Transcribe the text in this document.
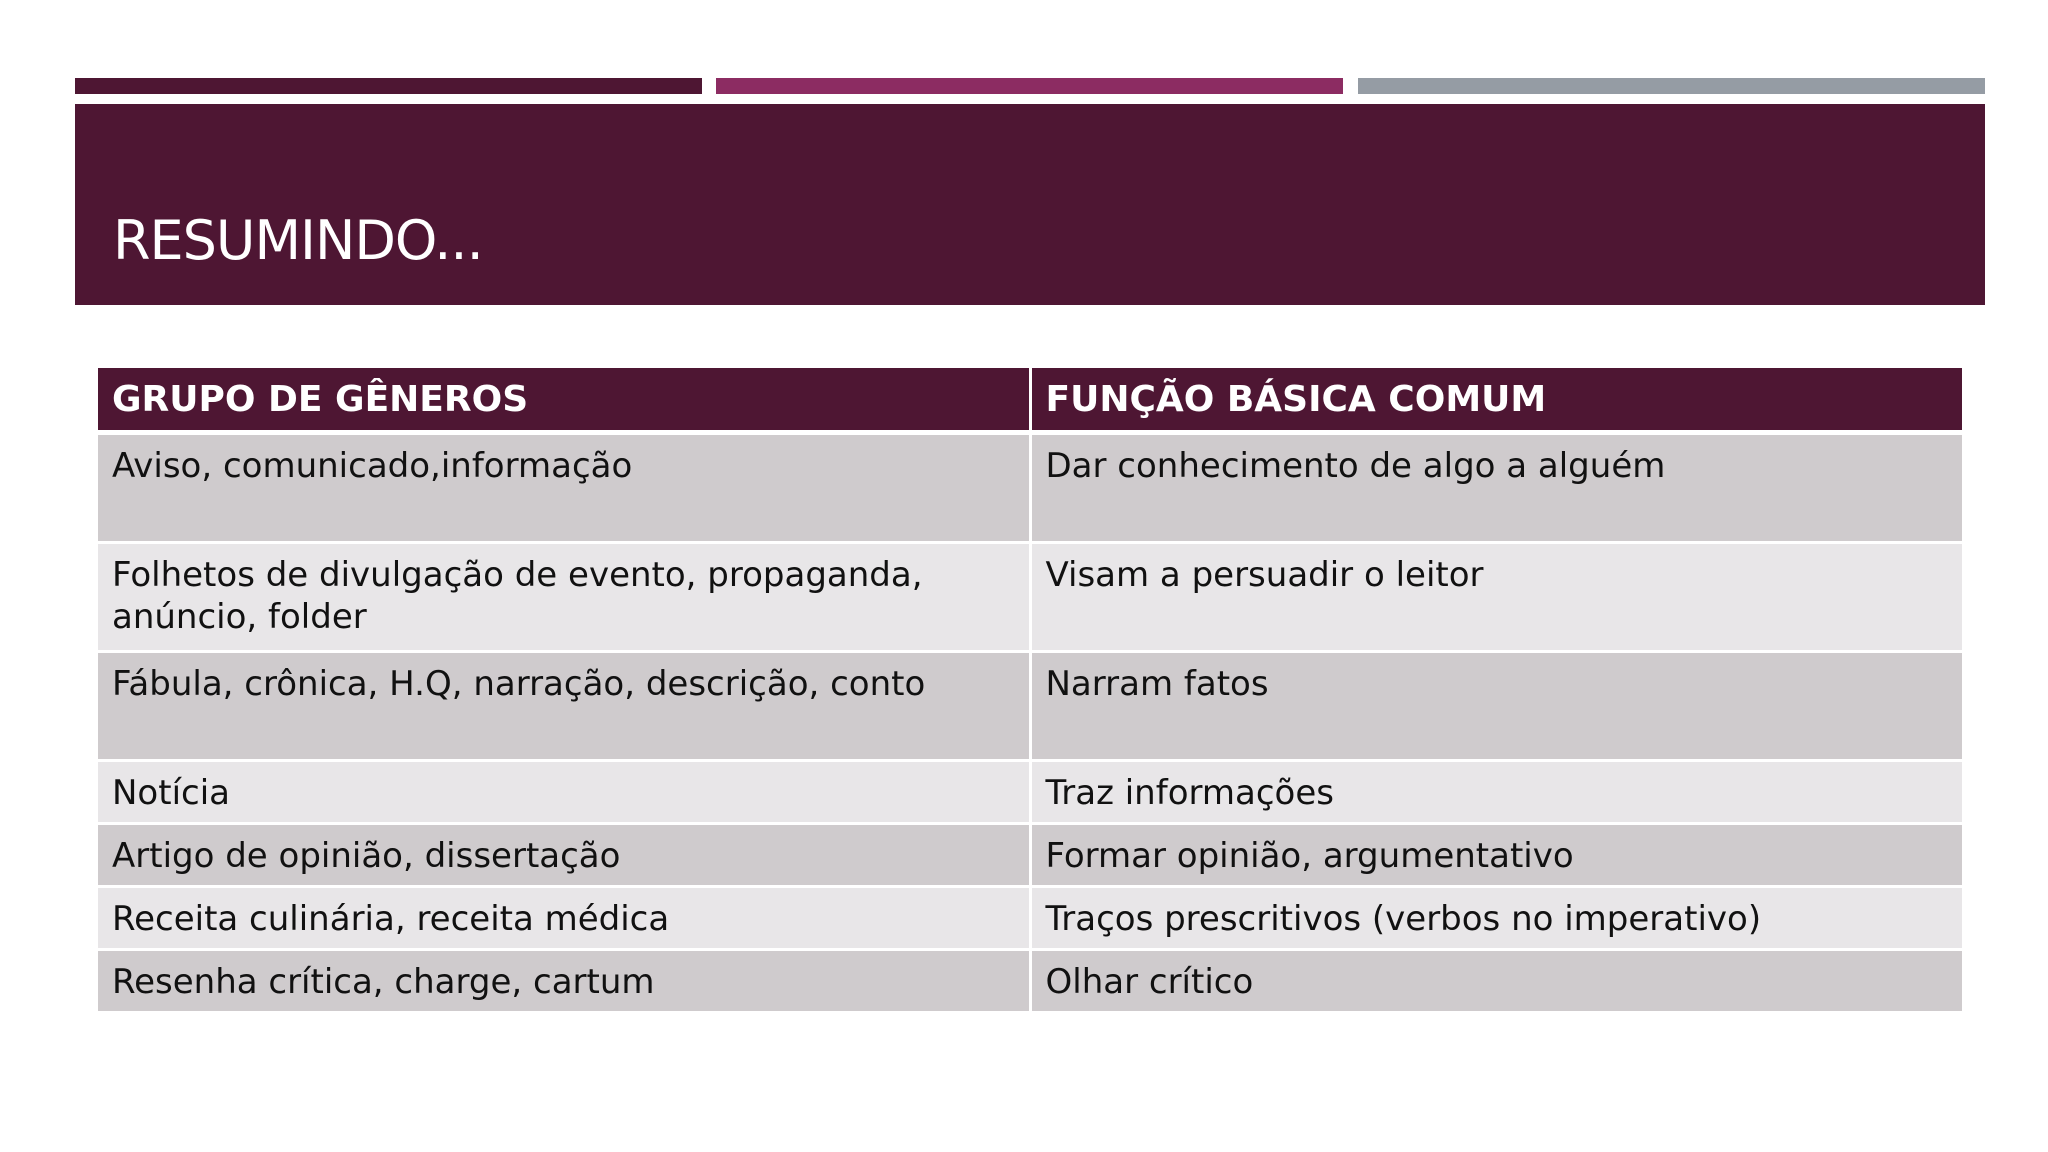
RESUMINDO...
GRUPO DE GÊNEROS	FUNÇÃO BÁSICA COMUM
Aviso, comunicado,informação	Dar conhecimento de algo a alguém
Folhetos de divulgação de evento, propaganda, anúncio, folder	Visam a persuadir o leitor
Fábula, crônica, H.Q, narração, descrição, conto	Narram fatos
Notícia	Traz informações
Artigo de opinião, dissertação	Formar opinião, argumentativo
Receita culinária, receita médica	Traços prescritivos (verbos no imperativo)
Resenha crítica, charge, cartum	Olhar crítico
